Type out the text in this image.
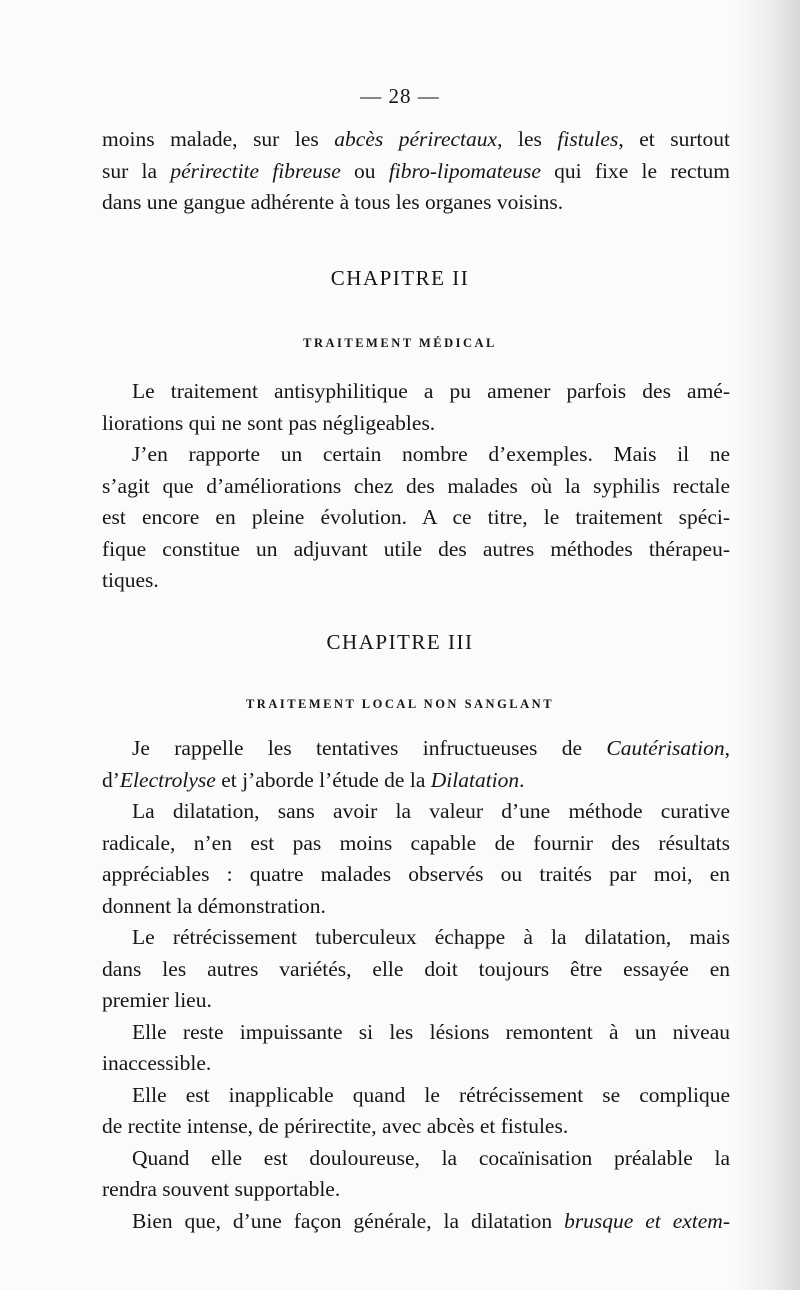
— 28 —
moins malade, sur les abcès périrectaux, les fistules, et surtout
sur la périrectite fibreuse ou fibro-lipomateuse qui fixe le rectum
dans une gangue adhérente à tous les organes voisins.
CHAPITRE II
TRAITEMENT MÉDICAL
Le traitement antisyphilitique a pu amener parfois des amé-
liorations qui ne sont pas négligeables.
J’en rapporte un certain nombre d’exemples. Mais il ne
s’agit que d’améliorations chez des malades où la syphilis rectale
est encore en pleine évolution. A ce titre, le traitement spéci-
fique constitue un adjuvant utile des autres méthodes thérapeu-
tiques.
CHAPITRE III
TRAITEMENT LOCAL NON SANGLANT
Je rappelle les tentatives infructueuses de Cautérisation,
d’Electrolyse et j’aborde l’étude de la Dilatation.
La dilatation, sans avoir la valeur d’une méthode curative
radicale, n’en est pas moins capable de fournir des résultats
appréciables : quatre malades observés ou traités par moi, en
donnent la démonstration.
Le rétrécissement tuberculeux échappe à la dilatation, mais
dans les autres variétés, elle doit toujours être essayée en
premier lieu.
Elle reste impuissante si les lésions remontent à un niveau
inaccessible.
Elle est inapplicable quand le rétrécissement se complique
de rectite intense, de périrectite, avec abcès et fistules.
Quand elle est douloureuse, la cocaïnisation préalable la
rendra souvent supportable.
Bien que, d’une façon générale, la dilatation brusque et extem-
